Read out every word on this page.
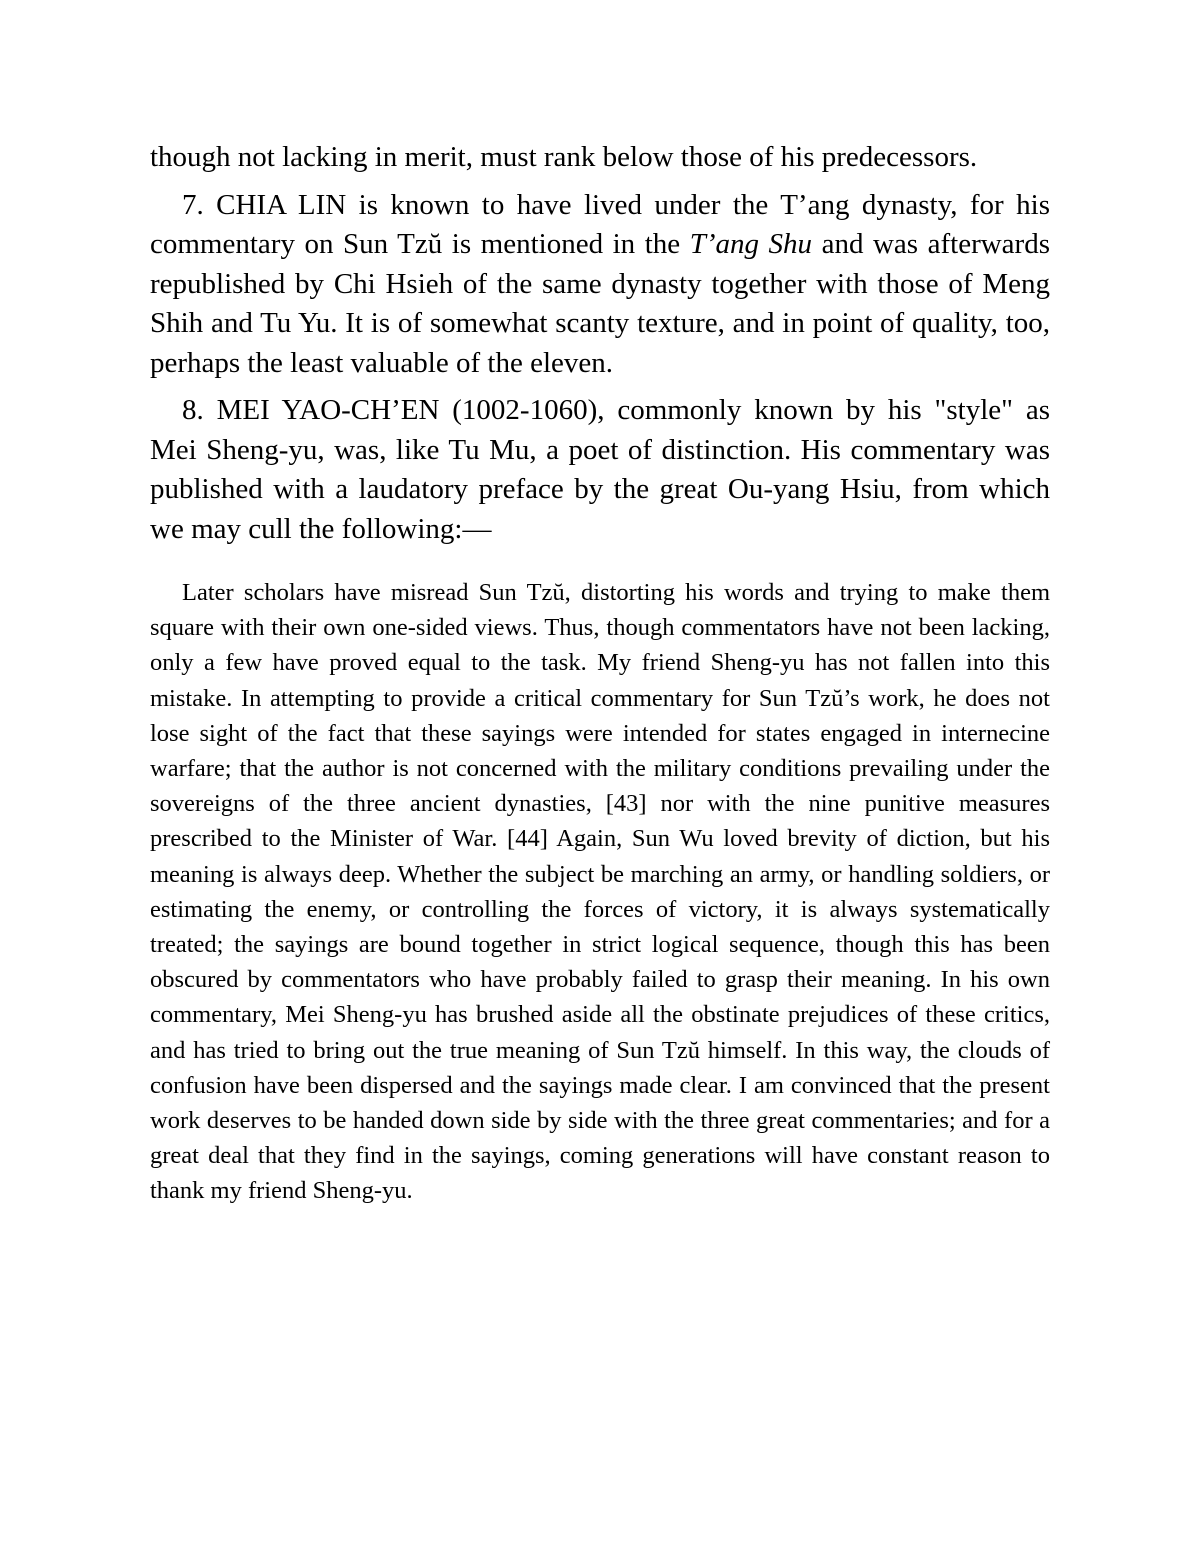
though not lacking in merit, must rank below those of his predecessors.

7. CHIA LIN is known to have lived under the T’ang dynasty, for his commentary on Sun Tzŭ is mentioned in the T’ang Shu and was afterwards republished by Chi Hsieh of the same dynasty together with those of Meng Shih and Tu Yu. It is of somewhat scanty texture, and in point of quality, too, perhaps the least valuable of the eleven.

8. MEI YAO-CH’EN (1002-1060), commonly known by his "style" as Mei Sheng-yu, was, like Tu Mu, a poet of distinction. His commentary was published with a laudatory preface by the great Ou-yang Hsiu, from which we may cull the following:—

Later scholars have misread Sun Tzŭ, distorting his words and trying to make them square with their own one-sided views. Thus, though commentators have not been lacking, only a few have proved equal to the task. My friend Sheng-yu has not fallen into this mistake. In attempting to provide a critical commentary for Sun Tzŭ’s work, he does not lose sight of the fact that these sayings were intended for states engaged in internecine warfare; that the author is not concerned with the military conditions prevailing under the sovereigns of the three ancient dynasties, [43] nor with the nine punitive measures prescribed to the Minister of War. [44] Again, Sun Wu loved brevity of diction, but his meaning is always deep. Whether the subject be marching an army, or handling soldiers, or estimating the enemy, or controlling the forces of victory, it is always systematically treated; the sayings are bound together in strict logical sequence, though this has been obscured by commentators who have probably failed to grasp their meaning. In his own commentary, Mei Sheng-yu has brushed aside all the obstinate prejudices of these critics, and has tried to bring out the true meaning of Sun Tzŭ himself. In this way, the clouds of confusion have been dispersed and the sayings made clear. I am convinced that the present work deserves to be handed down side by side with the three great commentaries; and for a great deal that they find in the sayings, coming generations will have constant reason to thank my friend Sheng-yu.
